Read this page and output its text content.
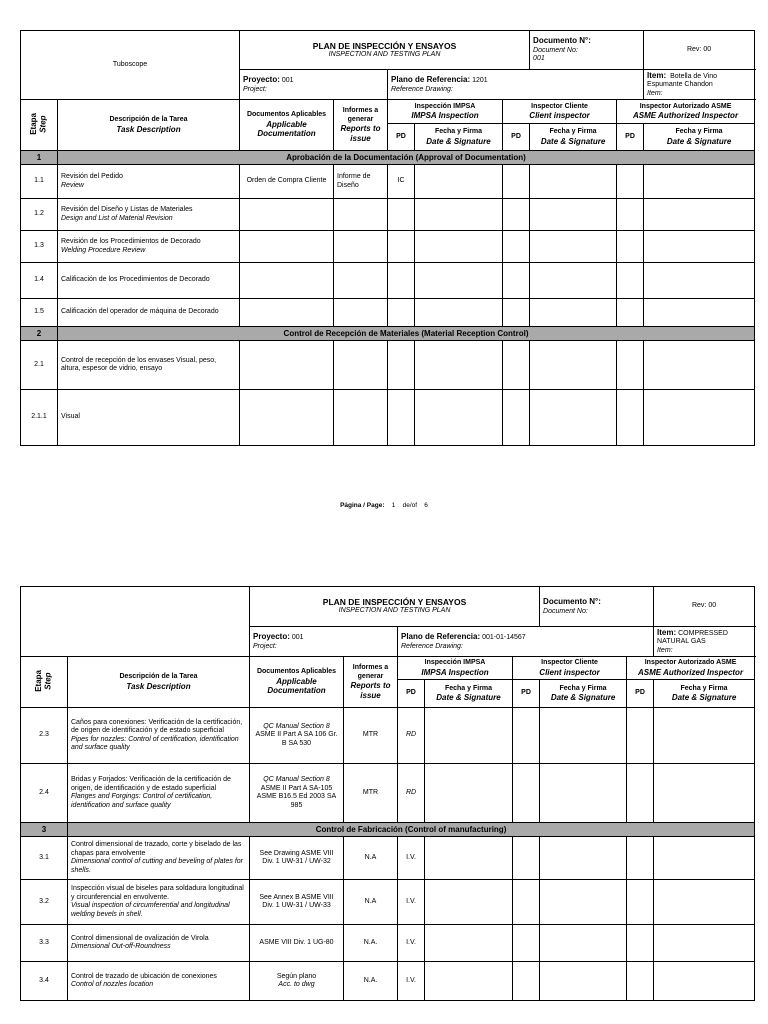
Tuboscope		PLAN DE INSPECCIÓN Y ENSAYOS
INSPECTION AND TESTING PLAN					Documento N°:

Document No:
001		Rev: 00
		Proyecto: 001
Project:		Plano de Referencia: 1201
Reference Drawing:					Item: Botella de Vino Espumante Chandon
Item:

Etapa
Step	Descripción de la Tarea
Task Description	Documentos Aplicables
Applicable Documentation	Informes a generar
Reports to issue	Inspección IMPSA
IMPSA Inspection		Inspector Cliente
Client inspector		Inspector Autorizado ASME
ASME Authorized Inspector	

				PD	Fecha y Firma
Date & Signature	PD	Fecha y Firma
Date & Signature	PD	Fecha y Firma
Date & Signature

1	Aprobación de la Documentación (Approval of Documentation)								
1.1	Revisión del Pedido
Review	Orden de Compra Cliente	Informe de Diseño	IC					
1.2	Revisión del Diseño y Listas de Materiales
Design and List of Material Revision								

1.3	Revisión de los Procedimientos de Decorado
Welding Procedure Review								

1.4	Calificación de los Procedimientos de Decorado								
1.5	Calificación del operador de máquina de Decorado								
2	Control de Recepción de Materiales (Material Reception Control)								
2.1	Control de recepción de los envases Visual, peso, altura, espesor de vidrio, ensayo								
2.1.1	Visual								
Página / Page: 1 de/of 6

		PLAN DE INSPECCIÓN Y ENSAYOS
INSPECTION AND TESTING PLAN					Documento N°:
Document No:		Rev: 00
		Proyecto: 001
Project:		Plano de Referencia: 001-01-14567
Reference Drawing:					Item: COMPRESSED NATURAL GAS
Item:

Etapa
Step	Descripción de la Tarea
Task Description	Documentos Aplicables
Applicable Documentation	Informes a generar
Reports to issue	Inspección IMPSA
IMPSA Inspection		Inspector Cliente
Client inspector		Inspector Autorizado ASME
ASME Authorized Inspector	

				PD	Fecha y Firma
Date & Signature	PD	Fecha y Firma
Date & Signature	PD	Fecha y Firma
Date & Signature

2.3	Caños para conexiones: Verificación de la certificación, de origen de identificación y de estado superficial
Pipes for nozzles: Control of certification, identification and surface quality	QC Manual Section 8
ASME II Part A SA 106 Gr. B SA 530	MTR	RD					
2.4	Bridas y Forjados: Verificación de la certificación de origen, de identificación y de estado superficial
Flanges and Forgings: Control of certification, identification and surface quality	QC Manual Section 8
ASME II Part A SA-105 ASME B16.5 Ed 2003 SA 985	MTR	RD					
3	Control de Fabricación (Control of manufacturing)								
3.1	Control dimensional de trazado, corte y biselado de las chapas para envolvente
Dimensional control of cutting and beveling of plates for shells.	See Drawing ASME VIII Div. 1 UW-31 / UW-32	N.A	I.V.					
3.2	Inspección visual de biseles para soldadura longitudinal y circunferencial en envolvente.
Visual inspection of circumferential and longitudinal welding bevels in shell.	See Annex B ASME VIII Div. 1 UW-31 / UW-33	N.A	I.V.					
3.3	Control dimensional de ovalización de Virola
Dimensional Out-off-Roundness	ASME VIII Div. 1 UG-80	N.A.	I.V.					
3.4	Control de trazado de ubicación de conexiones
Control of nozzles location	Según plano
Acc. to dwg	N.A.	I.V.					
